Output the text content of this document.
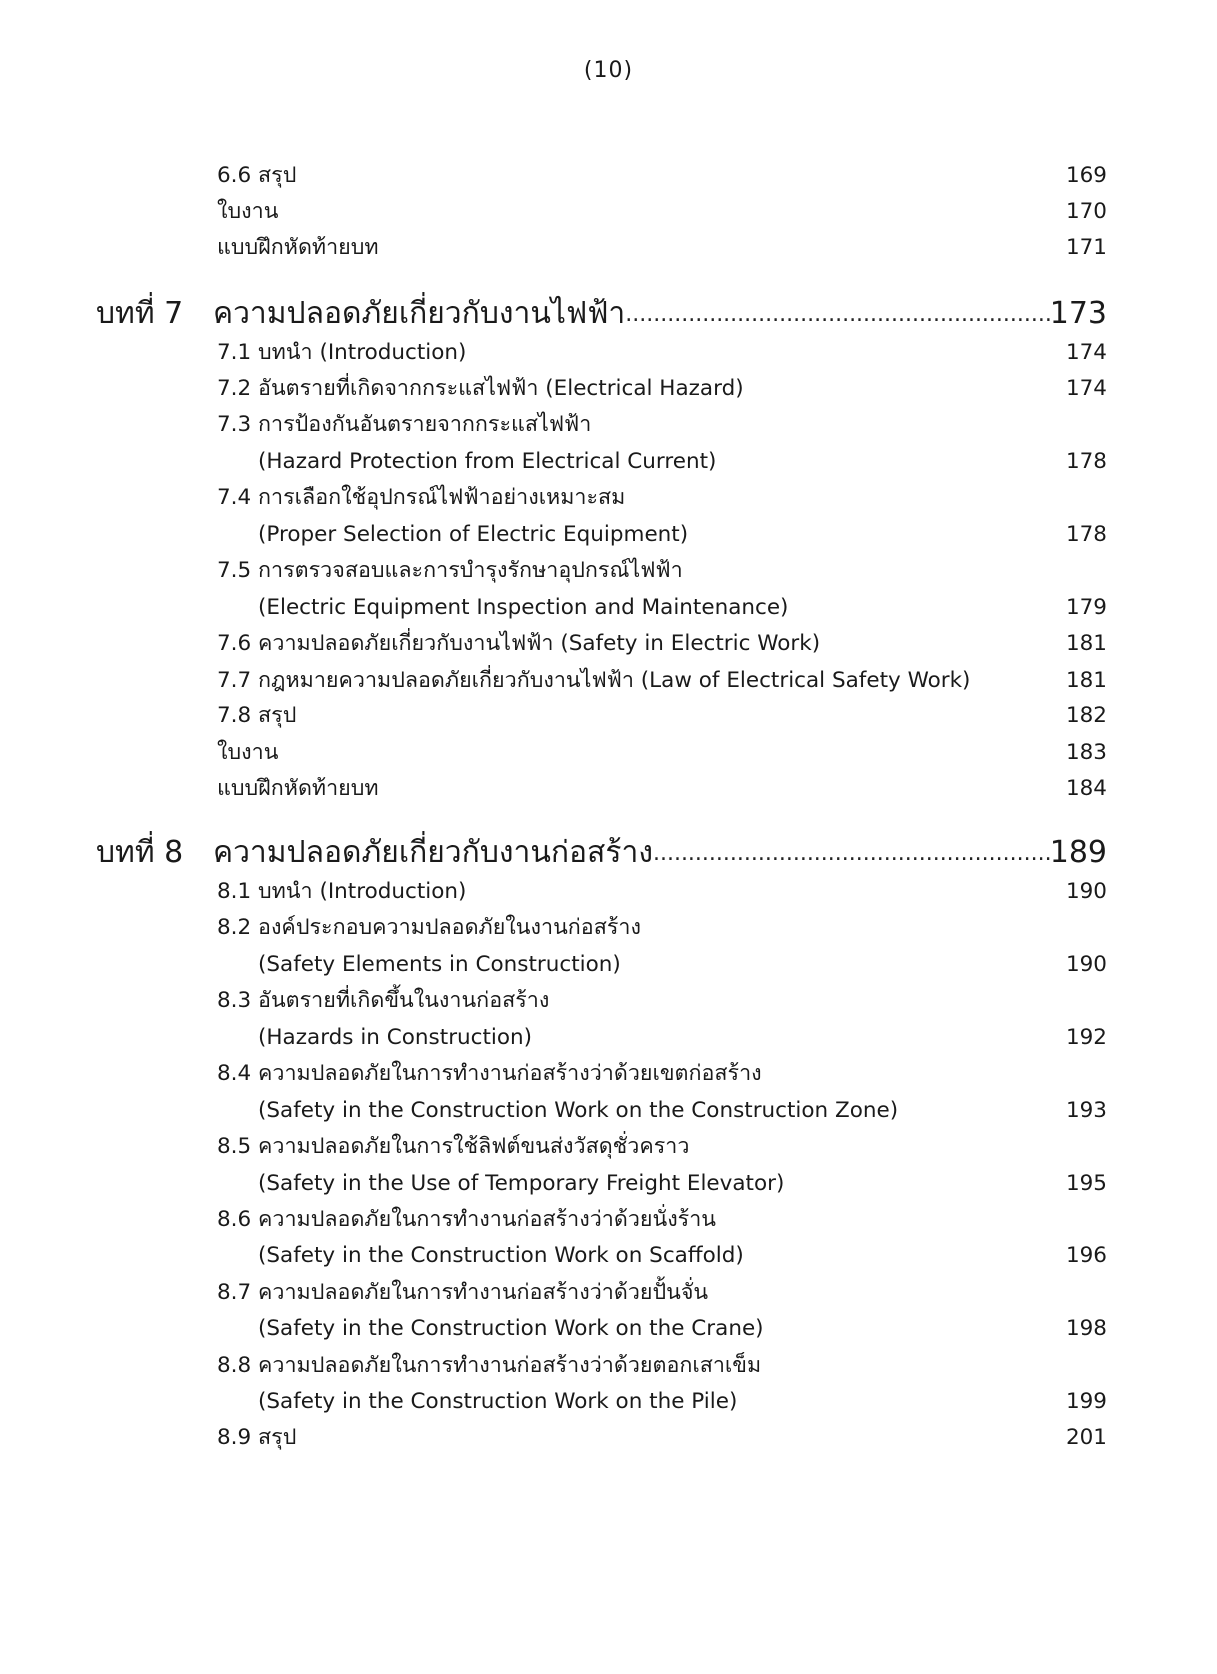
(10)
6.6 สรุป	169
ใบงาน	170
แบบฝึกหัดท้ายบท	171
บทที่ 7 ความปลอดภัยเกี่ยวกับงานไฟฟ้า .....	173
7.1 บทนำ (Introduction)	174
7.2 อันตรายที่เกิดจากกระแสไฟฟ้า (Electrical Hazard)	174
7.3 การป้องกันอันตรายจากกระแสไฟฟ้า
(Hazard Protection from Electrical Current)	178
7.4 การเลือกใช้อุปกรณ์ไฟฟ้าอย่างเหมาะสม
(Proper Selection of Electric Equipment)	178
7.5 การตรวจสอบและการบำรุงรักษาอุปกรณ์ไฟฟ้า
(Electric Equipment Inspection and Maintenance)	179
7.6 ความปลอดภัยเกี่ยวกับงานไฟฟ้า (Safety in Electric Work)	181
7.7 กฎหมายความปลอดภัยเกี่ยวกับงานไฟฟ้า (Law of Electrical Safety Work)	181
7.8 สรุป	182
ใบงาน	183
แบบฝึกหัดท้ายบท	184
บทที่ 8 ความปลอดภัยเกี่ยวกับงานก่อสร้าง .....	189
8.1 บทนำ (Introduction)	190
8.2 องค์ประกอบความปลอดภัยในงานก่อสร้าง
(Safety Elements in Construction)	190
8.3 อันตรายที่เกิดขึ้นในงานก่อสร้าง
(Hazards in Construction)	192
8.4 ความปลอดภัยในการทำงานก่อสร้างว่าด้วยเขตก่อสร้าง
(Safety in the Construction Work on the Construction Zone)	193
8.5 ความปลอดภัยในการใช้ลิฟต์ขนส่งวัสดุชั่วคราว
(Safety in the Use of Temporary Freight Elevator)	195
8.6 ความปลอดภัยในการทำงานก่อสร้างว่าด้วยนั่งร้าน
(Safety in the Construction Work on Scaffold)	196
8.7 ความปลอดภัยในการทำงานก่อสร้างว่าด้วยปั้นจั่น
(Safety in the Construction Work on the Crane)	198
8.8 ความปลอดภัยในการทำงานก่อสร้างว่าด้วยตอกเสาเข็ม
(Safety in the Construction Work on the Pile)	199
8.9 สรุป	201
